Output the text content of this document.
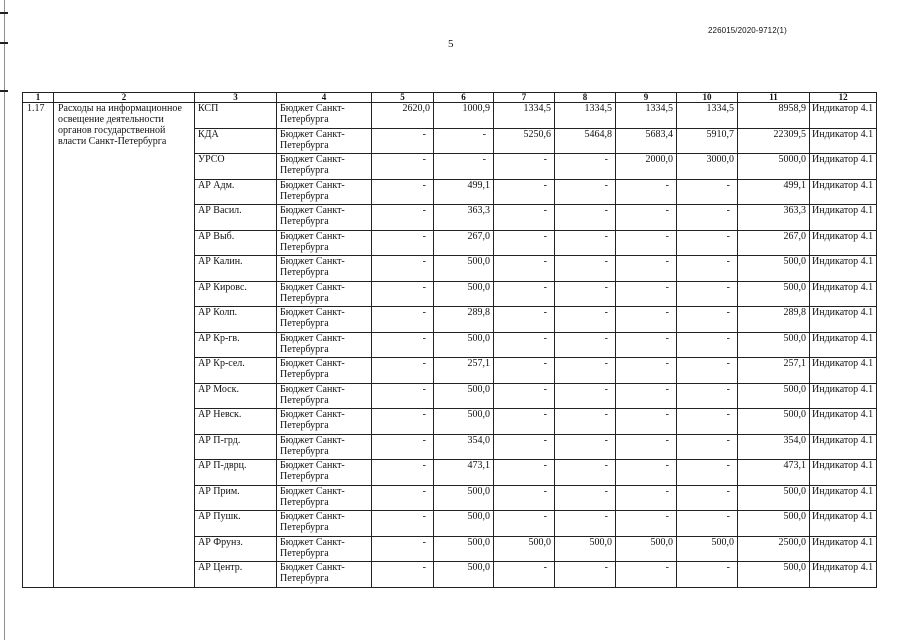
226015/2020-9712(1)
5
1	2	3	4	5	6	7	8	9	10	11	12
1.17	Расходы на информационное освещение деятельности органов государственной власти Санкт-Петербурга	КСП	Бюджет Санкт-Петербурга	2620,0	1000,9	1334,5	1334,5	1334,5	1334,5	8958,9	Индикатор 4.1
		КДА	Бюджет Санкт-Петербурга	-	-	5250,6	5464,8	5683,4	5910,7	22309,5	Индикатор 4.1
		УРСО	Бюджет Санкт-Петербурга	-	-	-	-	2000,0	3000,0	5000,0	Индикатор 4.1
		АР Адм.	Бюджет Санкт-Петербурга	-	499,1	-	-	-	-	499,1	Индикатор 4.1
		АР Васил.	Бюджет Санкт-Петербурга	-	363,3	-	-	-	-	363,3	Индикатор 4.1
		АР Выб.	Бюджет Санкт-Петербурга	-	267,0	-	-	-	-	267,0	Индикатор 4.1
		АР Калин.	Бюджет Санкт-Петербурга	-	500,0	-	-	-	-	500,0	Индикатор 4.1
		АР Кировс.	Бюджет Санкт-Петербурга	-	500,0	-	-	-	-	500,0	Индикатор 4.1
		АР Колп.	Бюджет Санкт-Петербурга	-	289,8	-	-	-	-	289,8	Индикатор 4.1
		АР Кр-гв.	Бюджет Санкт-Петербурга	-	500,0	-	-	-	-	500,0	Индикатор 4.1
		АР Кр-сел.	Бюджет Санкт-Петербурга	-	257,1	-	-	-	-	257,1	Индикатор 4.1
		АР Моск.	Бюджет Санкт-Петербурга	-	500,0	-	-	-	-	500,0	Индикатор 4.1
		АР Невск.	Бюджет Санкт-Петербурга	-	500,0	-	-	-	-	500,0	Индикатор 4.1
		АР П-грд.	Бюджет Санкт-Петербурга	-	354,0	-	-	-	-	354,0	Индикатор 4.1
		АР П-дврц.	Бюджет Санкт-Петербурга	-	473,1	-	-	-	-	473,1	Индикатор 4.1
		АР Прим.	Бюджет Санкт-Петербурга	-	500,0	-	-	-	-	500,0	Индикатор 4.1
		АР Пушк.	Бюджет Санкт-Петербурга	-	500,0	-	-	-	-	500,0	Индикатор 4.1
		АР Фрунз.	Бюджет Санкт-Петербурга	-	500,0	500,0	500,0	500,0	500,0	2500,0	Индикатор 4.1
		АР Центр.	Бюджет Санкт-Петербурга	-	500,0	-	-	-	-	500,0	Индикатор 4.1
